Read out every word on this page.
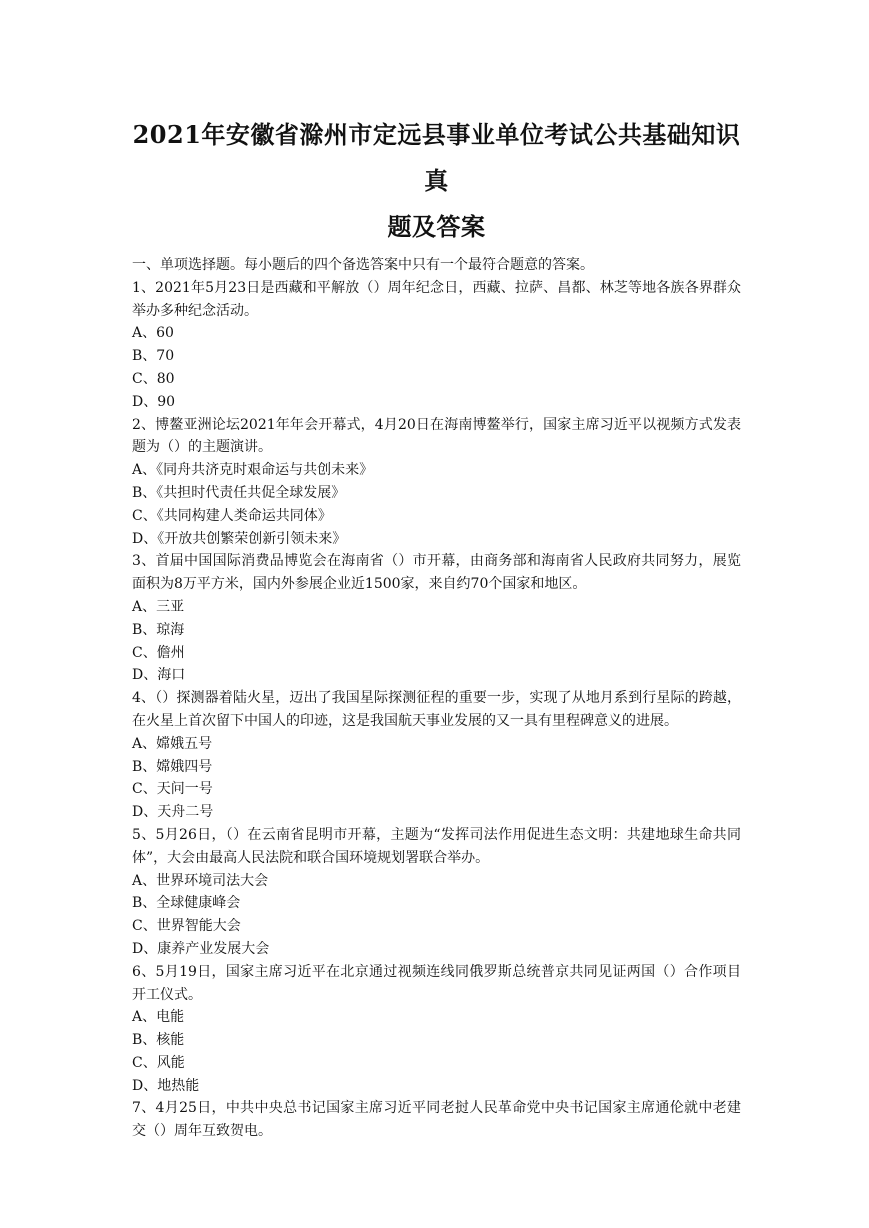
2021年安徽省滁州市定远县事业单位考试公共基础知识真
题及答案

一、单项选择题。每小题后的四个备选答案中只有一个最符合题意的答案。

1、2021年5月23日是西藏和平解放（）周年纪念日，西藏、拉萨、昌都、林芝等地各族各界群众举办多种纪念活动。

A、60

B、70

C、80

D、90

2、博鳌亚洲论坛2021年年会开幕式，4月20日在海南博鳌举行，国家主席习近平以视频方式发表题为（）的主题演讲。

A、《同舟共济克时艰命运与共创未来》

B、《共担时代责任共促全球发展》

C、《共同构建人类命运共同体》

D、《开放共创繁荣创新引领未来》

3、首届中国国际消费品博览会在海南省（）市开幕，由商务部和海南省人民政府共同努力，展览面积为8万平方米，国内外参展企业近1500家，来自约70个国家和地区。

A、三亚

B、琼海

C、儋州

D、海口

4、（）探测器着陆火星，迈出了我国星际探测征程的重要一步，实现了从地月系到行星际的跨越，在火星上首次留下中国人的印迹，这是我国航天事业发展的又一具有里程碑意义的进展。

A、嫦娥五号

B、嫦娥四号

C、天问一号

D、天舟二号

5、5月26日，（）在云南省昆明市开幕，主题为“发挥司法作用促进生态文明：共建地球生命共同体”，大会由最高人民法院和联合国环境规划署联合举办。

A、世界环境司法大会

B、全球健康峰会

C、世界智能大会

D、康养产业发展大会

6、5月19日，国家主席习近平在北京通过视频连线同俄罗斯总统普京共同见证两国（）合作项目开工仪式。

A、电能

B、核能

C、风能

D、地热能

7、4月25日，中共中央总书记国家主席习近平同老挝人民革命党中央书记国家主席通伦就中老建交（）周年互致贺电。
